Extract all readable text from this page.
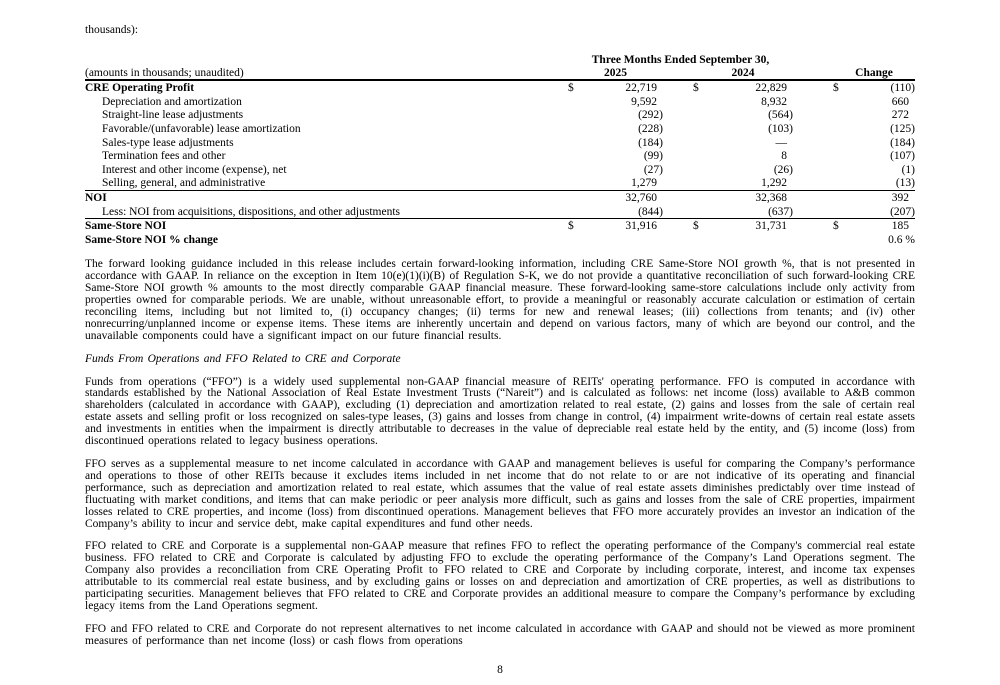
thousands):
	Three Months Ended September 30,							
(amounts in thousands; unaudited)	2025			2024			Change	
CRE Operating Profit	$	22,719		$	22,829		$	(110)
Depreciation and amortization		9,592			8,932			660
Straight-line lease adjustments		(292)			(564)			272
Favorable/(unfavorable) lease amortization		(228)			(103)			(125)
Sales-type lease adjustments		(184)			—			(184)
Termination fees and other		(99)			8			(107)
Interest and other income (expense), net		(27)			(26)			(1)
Selling, general, and administrative		1,279			1,292			(13)
NOI		32,760			32,368			392
Less: NOI from acquisitions, dispositions, and other adjustments		(844)			(637)			(207)
Same-Store NOI	$	31,916		$	31,731		$	185
Same-Store NOI % change								0.6 %

The forward looking guidance included in this release includes certain forward-looking information, including CRE Same-Store NOI growth %, that is not presented in accordance with GAAP. In reliance on the exception in Item 10(e)(1)(i)(B) of Regulation S-K, we do not provide a quantitative reconciliation of such forward-looking CRE Same-Store NOI growth % amounts to the most directly comparable GAAP financial measure. These forward-looking same-store calculations include only activity from properties owned for comparable periods. We are unable, without unreasonable effort, to provide a meaningful or reasonably accurate calculation or estimation of certain reconciling items, including but not limited to, (i) occupancy changes; (ii) terms for new and renewal leases; (iii) collections from tenants; and (iv) other nonrecurring/unplanned income or expense items. These items are inherently uncertain and depend on various factors, many of which are beyond our control, and the unavailable components could have a significant impact on our future financial results.

Funds From Operations and FFO Related to CRE and Corporate

Funds from operations (“FFO”) is a widely used supplemental non-GAAP financial measure of REITs' operating performance. FFO is computed in accordance with standards established by the National Association of Real Estate Investment Trusts (“Nareit”) and is calculated as follows: net income (loss) available to A&B common shareholders (calculated in accordance with GAAP), excluding (1) depreciation and amortization related to real estate, (2) gains and losses from the sale of certain real estate assets and selling profit or loss recognized on sales-type leases, (3) gains and losses from change in control, (4) impairment write-downs of certain real estate assets and investments in entities when the impairment is directly attributable to decreases in the value of depreciable real estate held by the entity, and (5) income (loss) from discontinued operations related to legacy business operations.

FFO serves as a supplemental measure to net income calculated in accordance with GAAP and management believes is useful for comparing the Company’s performance and operations to those of other REITs because it excludes items included in net income that do not relate to or are not indicative of its operating and financial performance, such as depreciation and amortization related to real estate, which assumes that the value of real estate assets diminishes predictably over time instead of fluctuating with market conditions, and items that can make periodic or peer analysis more difficult, such as gains and losses from the sale of CRE properties, impairment losses related to CRE properties, and income (loss) from discontinued operations. Management believes that FFO more accurately provides an investor an indication of the Company’s ability to incur and service debt, make capital expenditures and fund other needs.

FFO related to CRE and Corporate is a supplemental non-GAAP measure that refines FFO to reflect the operating performance of the Company's commercial real estate business. FFO related to CRE and Corporate is calculated by adjusting FFO to exclude the operating performance of the Company’s Land Operations segment. The Company also provides a reconciliation from CRE Operating Profit to FFO related to CRE and Corporate by including corporate, interest, and income tax expenses attributable to its commercial real estate business, and by excluding gains or losses on and depreciation and amortization of CRE properties, as well as distributions to participating securities. Management believes that FFO related to CRE and Corporate provides an additional measure to compare the Company’s performance by excluding legacy items from the Land Operations segment.

FFO and FFO related to CRE and Corporate do not represent alternatives to net income calculated in accordance with GAAP and should not be viewed as more prominent measures of performance than net income (loss) or cash flows from operations

8
